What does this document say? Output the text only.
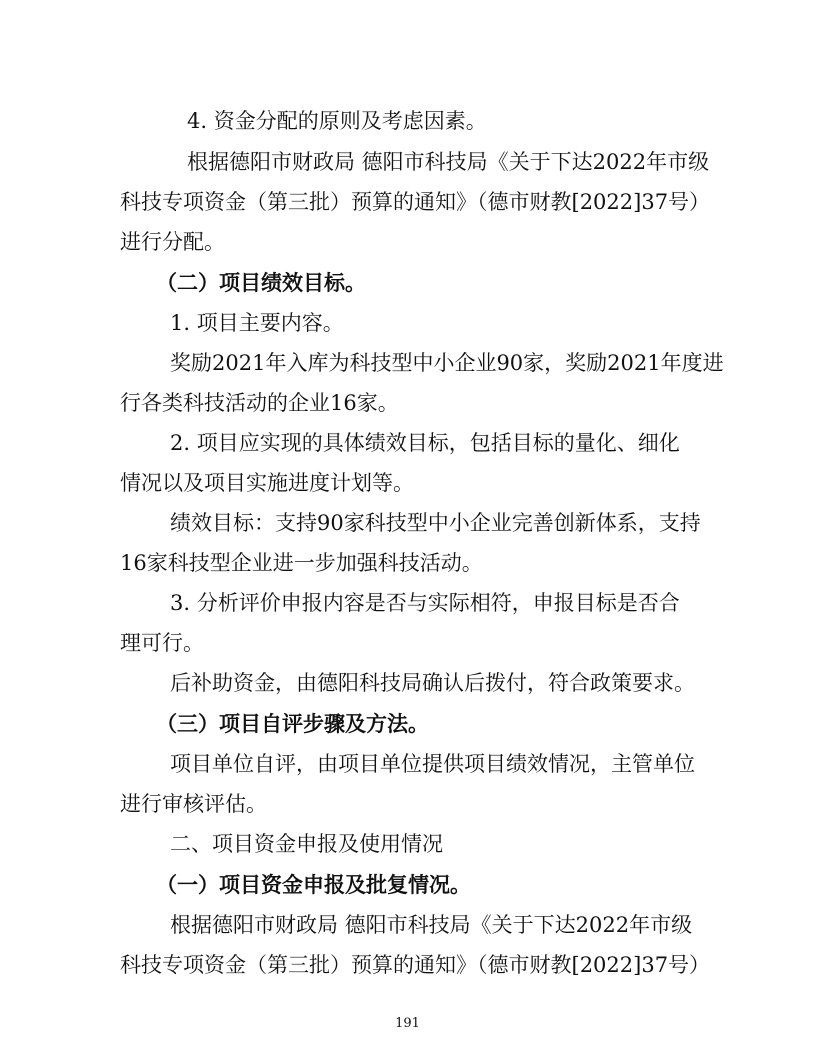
4. 资金分配的原则及考虑因素。
根据德阳市财政局 德阳市科技局《关于下达2022年市级
科技专项资金（第三批）预算的通知》（德市财教[2022]37号）
进行分配。
（二）项目绩效目标。
1. 项目主要内容。
奖励2021年入库为科技型中小企业90家，奖励2021年度进
行各类科技活动的企业16家。
2. 项目应实现的具体绩效目标，包括目标的量化、细化
情况以及项目实施进度计划等。
绩效目标：支持90家科技型中小企业完善创新体系，支持
16家科技型企业进一步加强科技活动。
3. 分析评价申报内容是否与实际相符，申报目标是否合
理可行。
后补助资金，由德阳科技局确认后拨付，符合政策要求。
（三）项目自评步骤及方法。
项目单位自评，由项目单位提供项目绩效情况，主管单位
进行审核评估。
二、项目资金申报及使用情况
（一）项目资金申报及批复情况。
根据德阳市财政局 德阳市科技局《关于下达2022年市级
科技专项资金（第三批）预算的通知》（德市财教[2022]37号）
191
